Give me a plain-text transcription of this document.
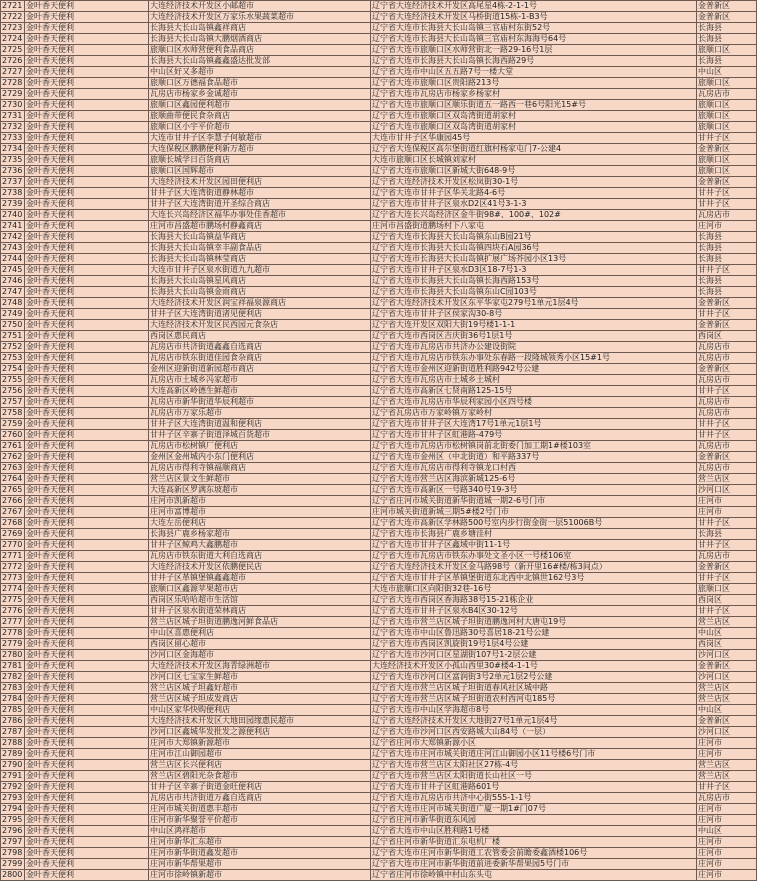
2721	金叶香天便利	大连经济技术开发区小邮超市	辽宁省大连经济技术开发区高尾星4栋-2-1-1号	金普新区
2722	金叶香天便利	大连经济技术开发区万家乐水果蔬菜超市	辽宁省大连经济技术开发区马桥街道15栋-1-B3号	金普新区
2723	金叶香天便利	长海县大长山岛镇鑫祥商店	辽宁省大连市长海县大长山岛镇三官庙村东街52号	长海县
2724	金叶香天便利	长海县大长山岛镇大鹏烟酒商店	辽宁省大连市长海县大长山岛镇三官庙村东海海号64号	长海县
2725	金叶香天便利	旅顺口区水师营便利食品商店	辽宁省大连市旅顺口区水师营街北一路29-16号1层	旅顺口区
2726	金叶香天便利	长海县大长山岛镇鑫鑫盛达批发部	辽宁省大连市长海县大长山岛镇长海西路29号	长海县
2727	金叶香天便利	中山区好又多超市	辽宁省大连市中山区五五路7号一楼大堂	中山区
2728	金叶香天便利	旅顺口区万德福食品超市	辽宁省大连市旅顺口区贵阳路213号	旅顺口区
2729	金叶香天便利	瓦房店市杨家乡金诚超市	辽宁省大连市瓦房店市杨家乡杨家村	瓦房店市
2730	金叶香天便利	旅顺口区鑫园便利超市	辽宁省大连市旅顺口区顺乐街道五一路西一巷6号阳光15#号	旅顺口区
2731	金叶香天便利	旅顺曲带便民食杂商店	辽宁省大连市旅顺口区双岛湾街道胡家村	旅顺口区
2732	金叶香天便利	旅顺口区小宇平价超市	辽宁省大连市旅顺口区双岛湾街道胡家村	旅顺口区
2733	金叶香天便利	大连市甘井子区李慧子何敏超市	大连市甘井子区华康园45号	甘井子区
2734	金叶香天便利	大连保税区鹏鹏便利新万超市	辽宁省大连保税区高尔堡街道红旗村杨家屯门7-公建4	金普新区
2735	金叶香天便利	旅顺长城学日百货商店	大连市旅顺口区长城镇刘家村	旅顺口区
2736	金叶香天便利	旅顺口区国辉超市	辽宁省大连市旅顺口区新城大街648-9号	旅顺口区
2737	金叶香天便利	大连经济技术开发区园田便利店	辽宁省大连经济技术开发区松岚街30-1号	金普新区
2738	金叶香天便利	甘井子区大连湾街道静林超市	辽宁省大连市甘井子区华关北路4-6号	甘井子区
2739	金叶香天便利	甘井子区大连湾街道开圣综合商店	辽宁省大连市甘井子区泉水D2区41号3-1-3	甘井子区
2740	金叶香天便利	大连长兴岛经济区福华办事处佳香超市	辽宁省大连长兴岛经济区金牛街98#、100#、102#	瓦房店市
2741	金叶香天便利	庄河市昌盛超市鹏场村静鑫商店	庄河市昌盛街道鹏场村下八家屯	庄河市
2742	金叶香天便利	长海县大长山岛镇益华商店	辽宁省大连市长海县大长山岛镇东山B园21号	长海县
2743	金叶香天便利	长海县大长山岛镇幸丰副食品店	辽宁省大连市长海县大长山岛镇四块石A园36号	长海县
2744	金叶香天便利	长海县大长山岛镇林莹商店	辽宁省大连市长海县大长山岛镇扩展广场芥园小区13号	长海县
2745	金叶香天便利	大连市甘井子区泉水街道九九超市	辽宁省大连市甘井子区泉水D3区18-7号1-3	甘井子区
2746	金叶香天便利	长海县大长山岛镇星风商店	辽宁省大连市长海县大长山岛镇长海西路153号	长海县
2747	金叶香天便利	长海县大长山岛镇金雨商店	辽宁省大连市长海县大长山岛镇东山C园103号	长海县
2748	金叶香天便利	大连经济技术开发区润宝祥福泉源商店	辽宁省大连经济技术开发区东平华家屯279号1单元1层4号	金普新区
2749	金叶香天便利	甘井子区大连湾街道渚见便利店	辽宁省大连市甘井子区侯家沟30-8号	甘井子区
2750	金叶香天便利	大连经济技术开发区民西园元食杂店	辽宁省大连开发区双阳大街19号楼1-1-1	金普新区
2751	金叶香天便利	西岗区惠民商店	辽宁省大连市西岗区吉庆街36号1层1号	西岗区
2752	金叶香天便利	瓦房店市共济街道鑫鑫自选商店	辽宁省大连市瓦房店市共济办公建设街院	瓦房店市
2753	金叶香天便利	瓦房店市铁东街道佳园食杂商店	辽宁省大连市瓦房店市铁东办事处东春路一段隆城领秀小区15#1号	瓦房店市
2754	金叶香天便利	金州区迎新街道新园超市商店	辽宁省大连市金州区迎新街道胜利路942号公建	金普新区
2755	金叶香天便利	瓦房店市土城乡冯家超市	辽宁省大连市瓦房店市土城乡土城村	瓦房店市
2756	金叶香天便利	大连高新区岭德生鲜超市	辽宁省大连市高新区七贤南路125-15号	甘井子区
2757	金叶香天便利	瓦房店市新华街道华辰利超市	辽宁省大连市瓦房店市华辰利家园小区四号楼	瓦房店市
2758	金叶香天便利	瓦房店市万家乐超市	辽宁省瓦房店市万家岭镇万家岭村	瓦房店市
2759	金叶香天便利	甘井子区大连湾街道温和便利店	辽宁省大连市甘井子区大连湾17号1单元1层1号	甘井子区
2760	金叶香天便利	甘井子区辛寨子街道泽城百货超市	辽宁省大连市甘井子区虹港路-479号	甘井子区
2761	金叶香天便利	瓦房店市松树镇厂便利店	辽宁省大连市瓦房店市松树镇岗前北街委门加工期1#楼103室	瓦房店市
2762	金叶香天便利	金州区金州城内小东门便利店	辽宁省大连市金州区（中北街道）和平路337号	金普新区
2763	金叶香天便利	瓦房店市得利寺镇福顺商店	辽宁省大连市瓦房店市得利寺镇龙口村西	瓦房店市
2764	金叶香天便利	营兰店区景文生鲜超市	辽宁省大连市营兰店区海滨新城125-6号	营兰店区
2765	金叶香天便利	大连高新区罗满东坡超市	辽宁省大连市高新区一号路340号19-3号	沙河口区
2766	金叶香天便利	庄河市凯新超市	辽宁省庄河市城关街道新华街道城一期2-6号门市	庄河市
2767	金叶香天便利	庄河市富博超市	庄河市城关街道新城三期5#楼2号门市	庄河市
2768	金叶香天便利	大连左岳便利店	辽宁省大连市高新区学林路500号室内步行街金街一层51006B号	甘井子区
2769	金叶香天便利	长海县广鹿乡杨家超市	辽宁省大连市长海县广鹿乡塘洼村	长海县
2770	金叶香天便利	甘井子区鲸鸡大鑫鹏超市	辽宁省大连市甘井子区鑫域中街11-1号	甘井子区
2771	金叶香天便利	瓦房店市铁东街道大利自选商店	辽宁省大连市瓦房店市铁东办事处文圣小区一号楼106室	瓦房店市
2772	金叶香天便利	大连经济技术开发区依鹏便民店	辽宁省大连经济技术开发区金马路98号（新开里16#楼/栋3间点）	金普新区
2773	金叶香天便利	甘井子区革镇堡镇鑫鑫超市	辽宁省大连市甘井子区革镇堡街道东北西中北镇世162号3号	甘井子区
2774	金叶香天便利	旅顺口区鑫源苹果超市店	大连市旅顺口区向阳街32巷-16号	旅顺口区
2775	金叶香天便利	西岗区乐哈哈超市生活馆	辽宁省大连市西岗区香海路38号15-21栋企业	西岗区
2776	金叶香天便利	甘井子区泉水街道荣林商店	辽宁省大连市甘井子区泉水B4区30-12号	甘井子区
2777	金叶香天便利	营兰店区城子坦街道鹏逸河鲜食品店	辽宁省大连市营兰店区城子坦街道鹏逸河村大唐屯19号	营兰店区
2778	金叶香天便利	中山区喜惠便利店	辽宁省大连市中山区鲁迅路30号喜居18-21号公建	中山区
2779	金叶香天便利	西岗区留心超市	辽宁省大连市西岗区凯旋街19号1层4号公建	西岗区
2780	金叶香天便利	沙河口区金海超市	辽宁省大连市沙河口区星湖街107号1-2层公建	沙河口区
2781	金叶香天便利	大连经济技术开发区海青绿洲超市	大连经济技术开发区小孤山西里30#楼4-1-1号	金普新区
2782	金叶香天便利	沙河口区七宝家生鲜超市	辽宁省大连市沙河口区富润街3号2单元1层2号公建	沙河口区
2783	金叶香天便利	营兰店区城子坦鑫好超市	辽宁省大连市营兰店区城子坦街道春风社区城中路	营兰店区
2784	金叶香天便利	营兰店区城子坦成发商店	辽宁省大连市营兰店区城子坦街道农村西河屯185号	营兰店区
2785	金叶香天便利	中山区家华快购便利店	辽宁省大连市中山区学海超市8号	中山区
2786	金叶香天便利	大连经济技术开发区大地田园缘惠民超市	辽宁省大连经济技术开发区大地街27号1单元1层4号	金普新区
2787	金叶香天便利	沙河口区鑫城华发批发之源便利店	辽宁省大连市沙河口区西安路城大山84号（一层）	沙河口区
2788	金叶香天便利	庄河市大郑镇新源超市	辽宁省庄河市大郑镇新源小区	庄河市
2789	金叶香天便利	庄河市江山御园超市	辽宁省大连市庄河市城关街道庄河江山御园小区11号楼6号门市	庄河市
2790	金叶香天便利	营兰店区长兴便利店	辽宁省大连市营兰店区太阳社区27栋-4号	营兰店区
2791	金叶香天便利	营兰店区碧阳光杂食超市	辽宁省大连市营兰店区太阳街道长山社区一号	营兰店区
2792	金叶香天便利	甘井子区辛寨子街道金旺便利店	辽宁省大连市甘井子区虹港路601号	甘井子区
2793	金叶香天便利	瓦房店市共济街道万鑫自选商店	辽宁省大连市瓦房店市共济中心街555-1-1号	瓦房店市
2794	金叶香天便利	庄河市城关街道惠丰超市	辽宁省大连市庄河市城关街道广厦一期1#门07号	庄河市
2795	金叶香天便利	庄河市新华聚誉平价超市	辽宁省庄河市新华街道东风园	庄河市
2796	金叶香天便利	中山区鸿祥超市	辽宁省大连市中山区胜利路1号楼	中山区
2797	金叶香天便利	庄河市新华汇东超市	辽宁省庄河市新华街道汇东电机厂楼	庄河市
2798	金叶香天便利	庄河市新华街道鑫发超市	辽宁省大连市庄河市新华街道工农管委会前瞻委鑫酒楼106号	庄河市
2799	金叶香天便利	庄河市新华帮果超市	辽宁省大连市庄河市新华街道前进委新华帮果园5号门市	庄河市
2800	金叶香天便利	庄河市徐岭镇新超市	辽宁省庄河市徐岭镇中村山东头屯	庄河市
